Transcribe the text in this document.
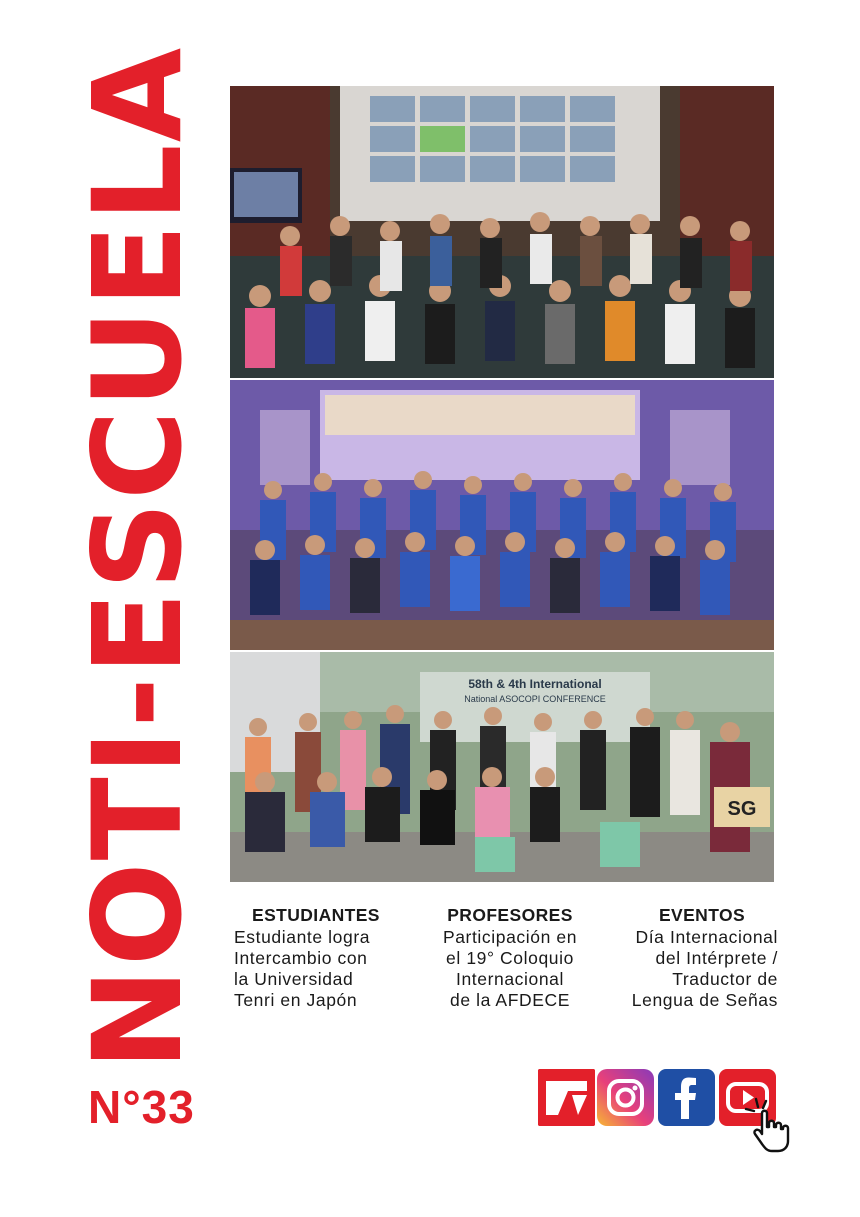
NOTI-ESCUELA	58th & 4th International
National ASOCOPI CONFERENCE
SG
ESTUDIANTES

Estudiante logra

Intercambio con

la Universidad

Tenri en Japón

PROFESORES

Participación en

el 19° Coloquio

Internacional

de la AFDECE

EVENTOS

Día Internacional

del Intérprete /

Traductor de

Lengua de Señas

N°33
